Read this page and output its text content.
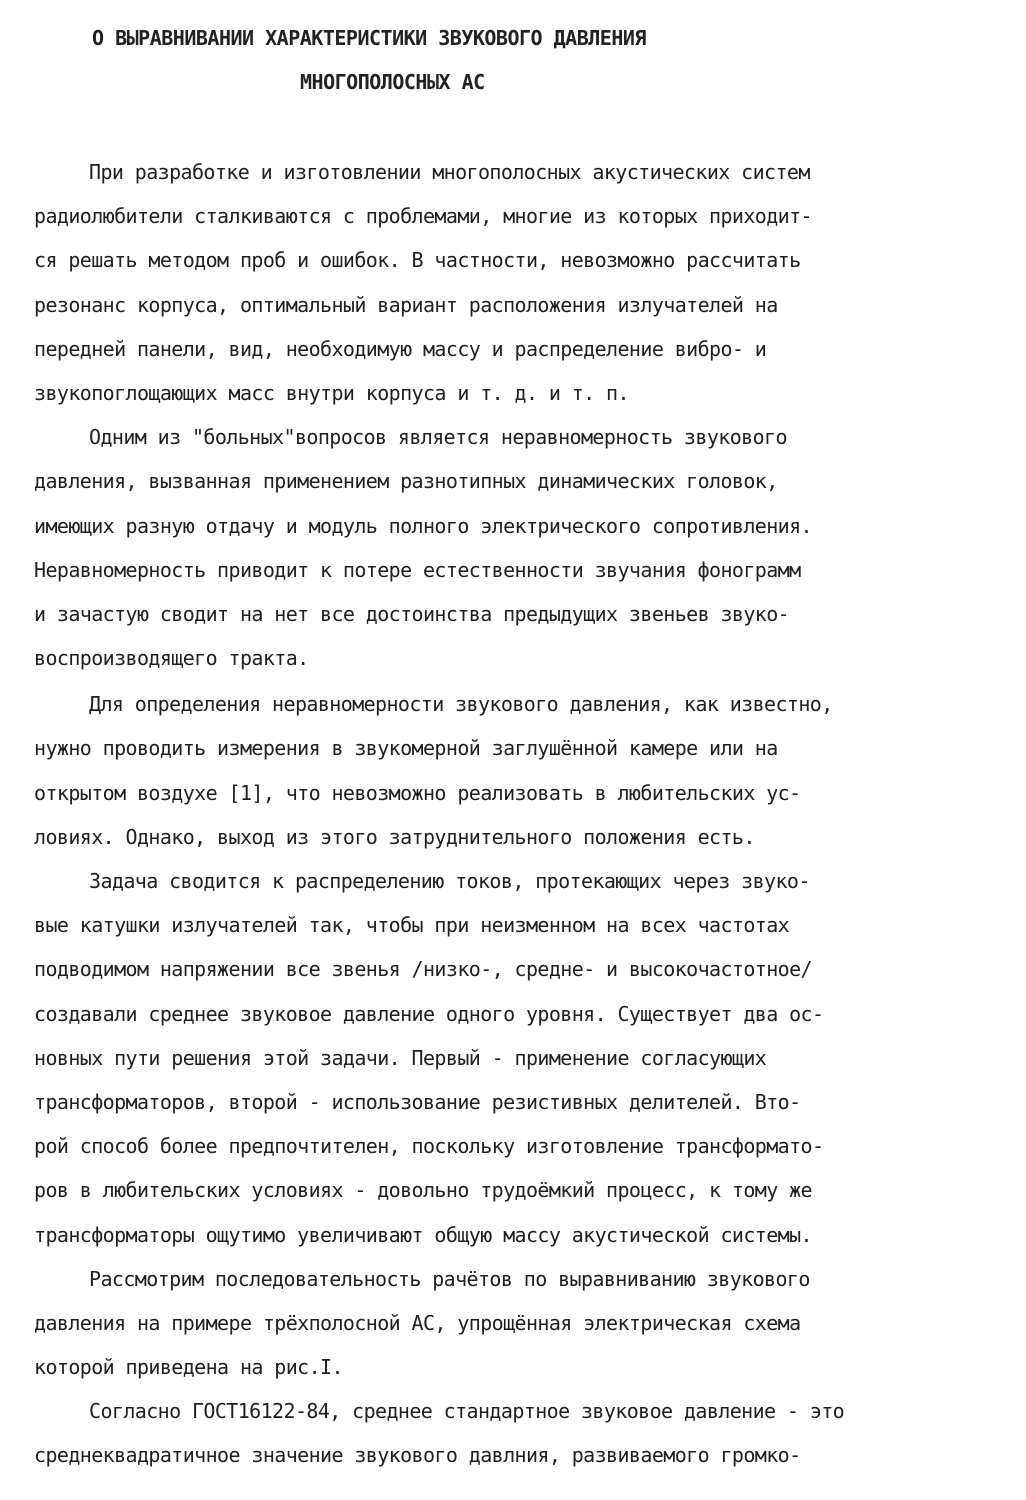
О ВЫРАВНИВАНИИ ХАРАКТЕРИСТИКИ ЗВУКОВОГО ДАВЛЕНИЯ
МНОГОПОЛОСНЫХ АС
При разработке и изготовлении многополосных акустических систем
радиолюбители сталкиваются с проблемами, многие из которых приходит-
ся решать методом проб и ошибок. В частности, невозможно рассчитать
резонанс корпуса, оптимальный вариант расположения излучателей на
передней панели, вид, необходимую массу и распределение вибро- и
звукопоглощающих масс внутри корпуса и т. д. и т. п.
Одним из "больных"вопросов является неравномерность звукового
давления, вызванная применением разнотипных динамических головок,
имеющих разную отдачу и модуль полного электрического сопротивления.
Неравномерность приводит к потере естественности звучания фонограмм
и зачастую сводит на нет все достоинства предыдущих звеньев звуко-
воспроизводящего тракта.
Для определения неравномерности звукового давления, как известно,
нужно проводить измерения в звукомерной заглушённой камере или на
открытом воздухе [1], что невозможно реализовать в любительских ус-
ловиях. Однако, выход из этого затруднительного положения есть.
Задача сводится к распределению токов, протекающих через звуко-
вые катушки излучателей так, чтобы при неизменном на всех частотах
подводимом напряжении все звенья /низко-, средне- и высокочастотное/
создавали среднее звуковое давление одного уровня. Существует два ос-
новных пути решения этой задачи. Первый - применение согласующих
трансформаторов, второй - использование резистивных делителей. Вто-
рой способ более предпочтителен, поскольку изготовление трансформато-
ров в любительских условиях - довольно трудоёмкий процесс, к тому же
трансформаторы ощутимо увеличивают общую массу акустической системы.
Рассмотрим последовательность рачётов по выравниванию звукового
давления на примере трёхполосной АС, упрощённая электрическая схема
которой приведена на рис.I.
Согласно ГОСТ16122-84, среднее стандартное звуковое давление - это
среднеквадратичное значение звукового давлния, развиваемого громко-
